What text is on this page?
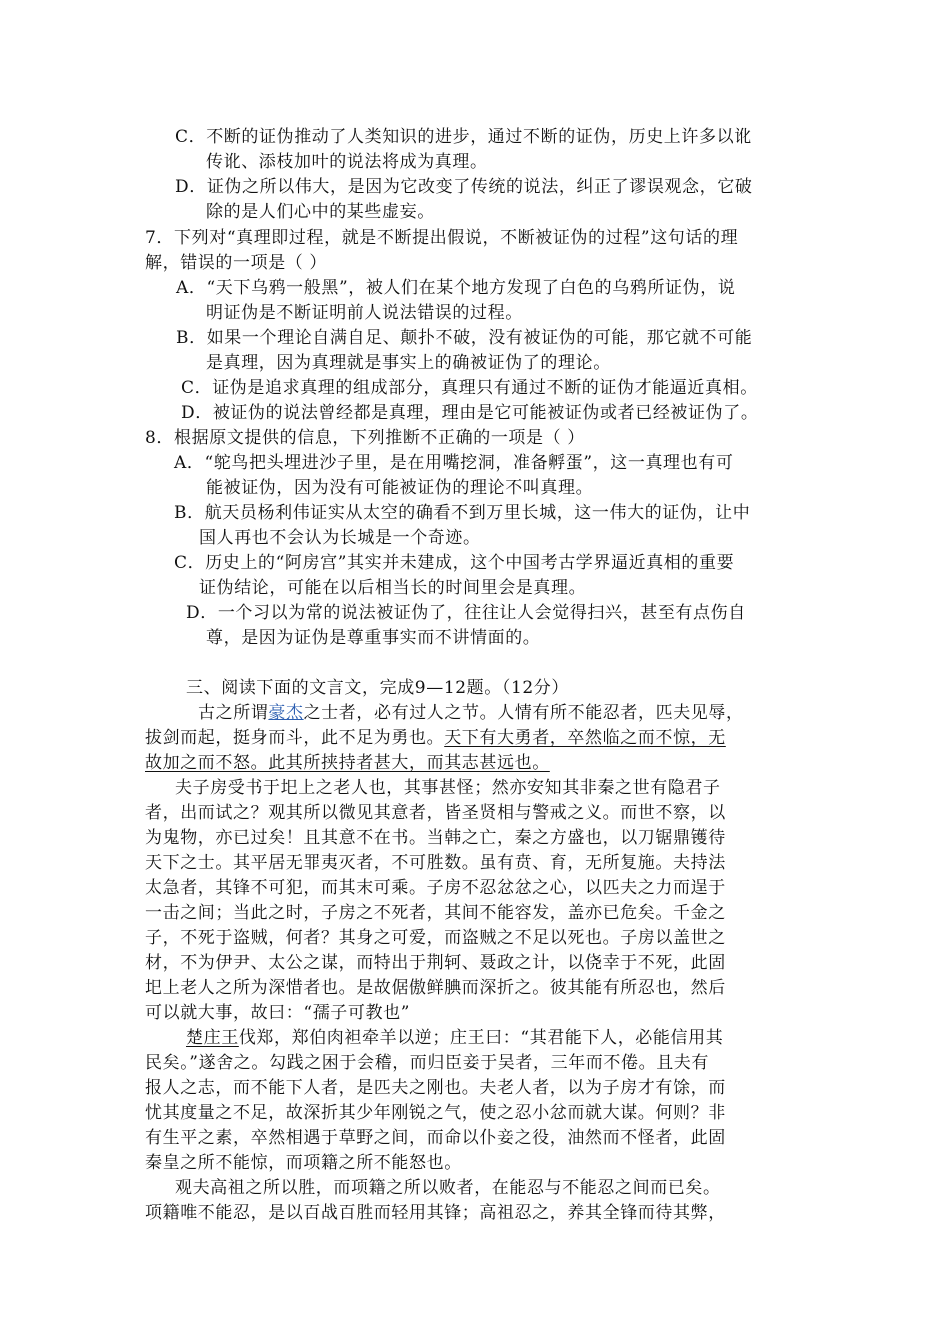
C．不断的证伪推动了人类知识的进步，通过不断的证伪，历史上许多以讹
传讹、添枝加叶的说法将成为真理。
D．证伪之所以伟大，是因为它改变了传统的说法，纠正了谬误观念，它破
除的是人们心中的某些虚妄。
7．下列对“真理即过程，就是不断提出假说，不断被证伪的过程”这句话的理
解，错误的一项是（ ）
A．“天下乌鸦一般黑”，被人们在某个地方发现了白色的乌鸦所证伪，说
明证伪是不断证明前人说法错误的过程。
B．如果一个理论自满自足、颠扑不破，没有被证伪的可能，那它就不可能
是真理，因为真理就是事实上的确被证伪了的理论。
C．证伪是追求真理的组成部分，真理只有通过不断的证伪才能逼近真相。
D．被证伪的说法曾经都是真理，理由是它可能被证伪或者已经被证伪了。
8．根据原文提供的信息，下列推断不正确的一项是（ ）
A．“鸵鸟把头埋进沙子里，是在用嘴挖洞，准备孵蛋”，这一真理也有可
能被证伪，因为没有可能被证伪的理论不叫真理。
B．航天员杨利伟证实从太空的确看不到万里长城，这一伟大的证伪，让中
国人再也不会认为长城是一个奇迹。
C．历史上的“阿房宫”其实并未建成，这个中国考古学界逼近真相的重要
证伪结论，可能在以后相当长的时间里会是真理。
D．一个习以为常的说法被证伪了，往往让人会觉得扫兴，甚至有点伤自
尊，是因为证伪是尊重事实而不讲情面的。
三、阅读下面的文言文，完成9—12题。（12分）
古之所谓豪杰之士者，必有过人之节。人情有所不能忍者，匹夫见辱，
拔剑而起，挺身而斗，此不足为勇也。天下有大勇者，卒然临之而不惊，无
故加之而不怒。此其所挟持者甚大，而其志甚远也。
夫子房受书于圯上之老人也，其事甚怪；然亦安知其非秦之世有隐君子
者，出而试之？观其所以微见其意者，皆圣贤相与警戒之义。而世不察，以
为鬼物，亦已过矣！且其意不在书。当韩之亡，秦之方盛也，以刀锯鼎镬待
天下之士。其平居无罪夷灭者，不可胜数。虽有贲、育，无所复施。夫持法
太急者，其锋不可犯，而其末可乘。子房不忍忿忿之心，以匹夫之力而逞于
一击之间；当此之时，子房之不死者，其间不能容发，盖亦已危矣。千金之
子，不死于盗贼，何者？其身之可爱，而盗贼之不足以死也。子房以盖世之
材，不为伊尹、太公之谋，而特出于荆轲、聂政之计，以侥幸于不死，此固
圯上老人之所为深惜者也。是故倨傲鲜腆而深折之。彼其能有所忍也，然后
可以就大事，故曰：“孺子可教也”
楚庄王伐郑，郑伯肉袒牵羊以逆；庄王曰：“其君能下人，必能信用其
民矣。”遂舍之。勾践之困于会稽，而归臣妾于吴者，三年而不倦。且夫有
报人之志，而不能下人者，是匹夫之刚也。夫老人者，以为子房才有馀，而
忧其度量之不足，故深折其少年刚锐之气，使之忍小忿而就大谋。何则？非
有生平之素，卒然相遇于草野之间，而命以仆妾之役，油然而不怪者，此固
秦皇之所不能惊，而项籍之所不能怒也。
观夫高祖之所以胜，而项籍之所以败者，在能忍与不能忍之间而已矣。
项籍唯不能忍，是以百战百胜而轻用其锋；高祖忍之，养其全锋而待其弊，
